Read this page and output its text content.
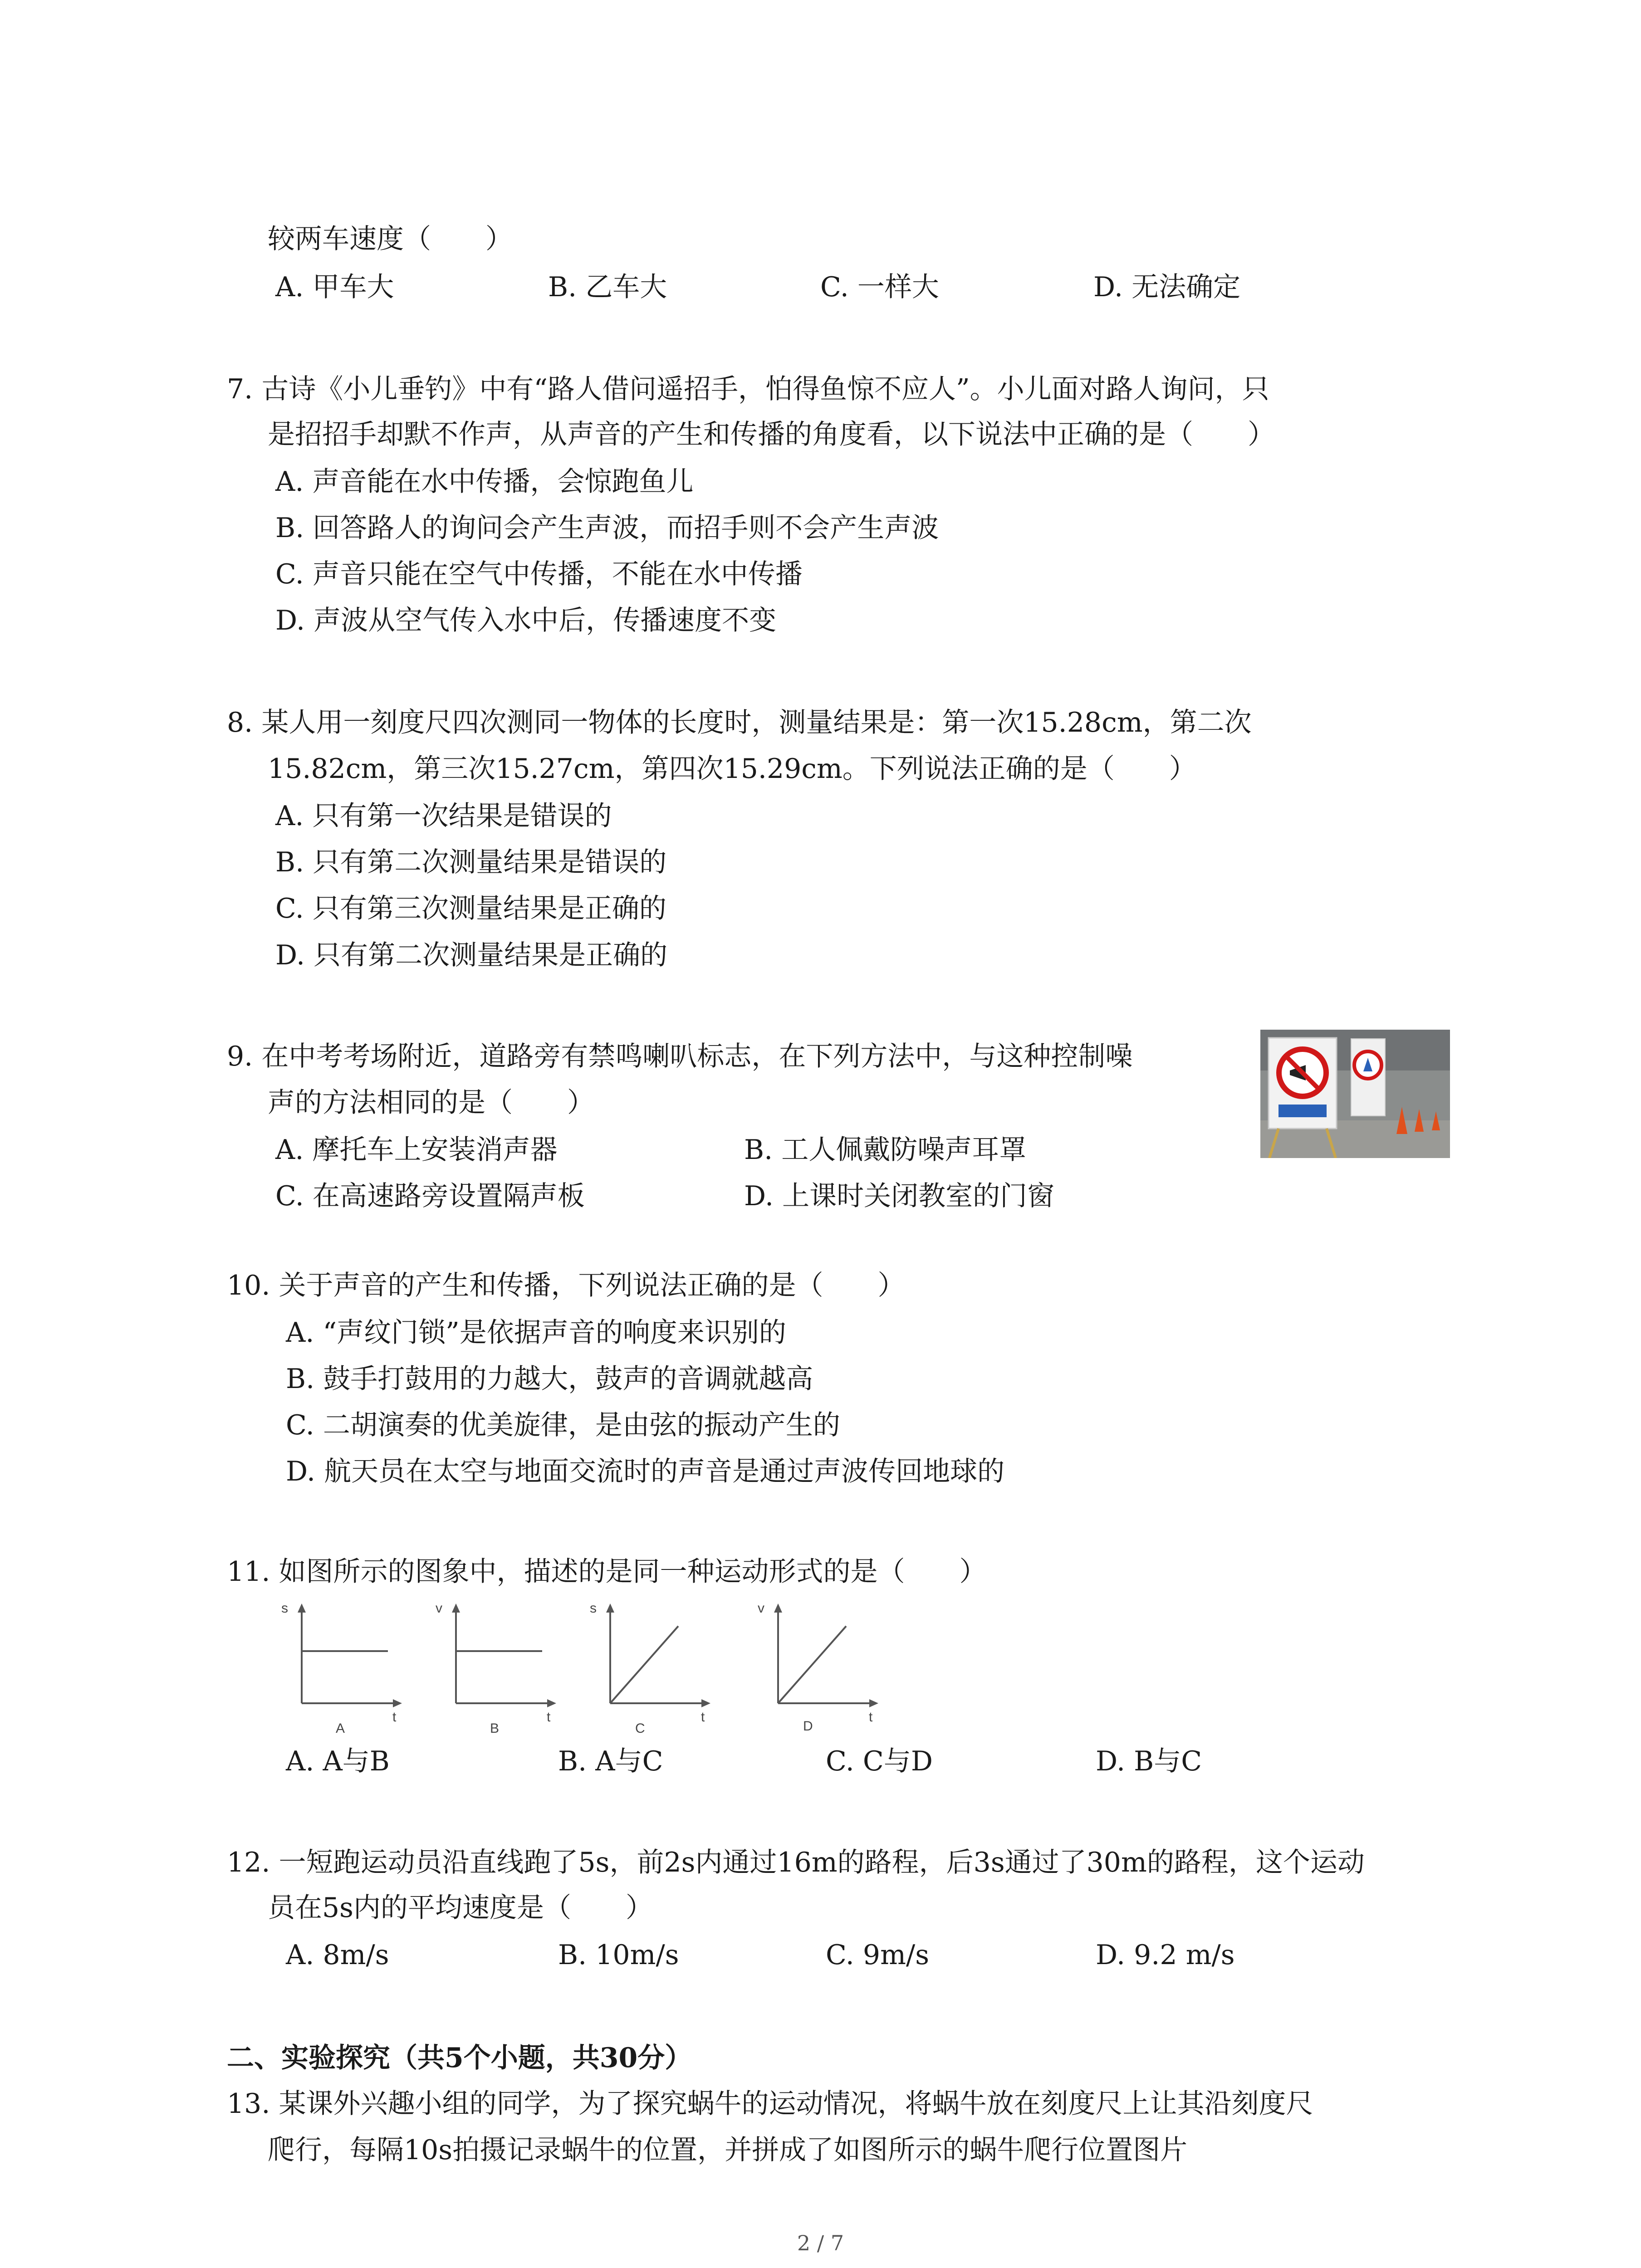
较两车速度（　　）
A. 甲车大	B. 乙车大	C. 一样大	D. 无法确定
7. 古诗《小儿垂钓》中有“路人借问遥招手，怕得鱼惊不应人”。小儿面对路人询问，只
是招招手却默不作声，从声音的产生和传播的角度看，以下说法中正确的是（　　）
A. 声音能在水中传播，会惊跑鱼儿
B. 回答路人的询问会产生声波，而招手则不会产生声波
C. 声音只能在空气中传播，不能在水中传播
D. 声波从空气传入水中后，传播速度不变
8. 某人用一刻度尺四次测同一物体的长度时，测量结果是：第一次15.28cm，第二次
15.82cm，第三次15.27cm，第四次15.29cm。下列说法正确的是（　　）
A. 只有第一次结果是错误的
B. 只有第二次测量结果是错误的
C. 只有第三次测量结果是正确的
D. 只有第二次测量结果是正确的
9. 在中考考场附近，道路旁有禁鸣喇叭标志，在下列方法中，与这种控制噪
声的方法相同的是（　　）
A. 摩托车上安装消声器	B. 工人佩戴防噪声耳罩
C. 在高速路旁设置隔声板	D. 上课时关闭教室的门窗
10. 关于声音的产生和传播，下列说法正确的是（　　）
A. “声纹门锁”是依据声音的响度来识别的
B. 鼓手打鼓用的力越大，鼓声的音调就越高
C. 二胡演奏的优美旋律，是由弦的振动产生的
D. 航天员在太空与地面交流时的声音是通过声波传回地球的
11. 如图所示的图象中，描述的是同一种运动形式的是（　　）
s
t
A
v
t
B
s
t
C
v
t
D
A. A与B	B. A与C	C. C与D	D. B与C
12. 一短跑运动员沿直线跑了5s，前2s内通过16m的路程，后3s通过了30m的路程，这个运动
员在5s内的平均速度是（　　）
A. 8m/s	B. 10m/s	C. 9m/s	D. 9.2 m/s
二、实验探究（共5个小题，共30分）
13. 某课外兴趣小组的同学，为了探究蜗牛的运动情况，将蜗牛放在刻度尺上让其沿刻度尺
爬行，每隔10s拍摄记录蜗牛的位置，并拼成了如图所示的蜗牛爬行位置图片
2 / 7
